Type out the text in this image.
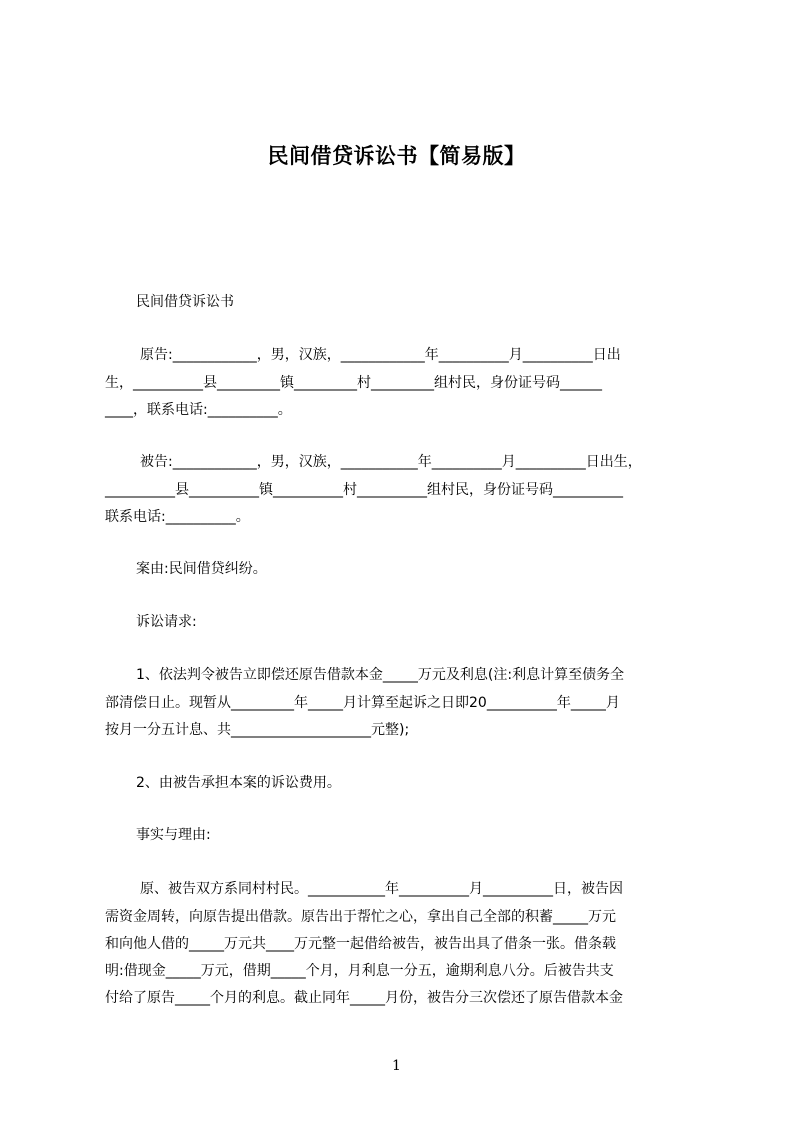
民间借贷诉讼书【简易版】
民间借贷诉讼书
原告:____________，男，汉族，____________年__________月__________日出
生，__________县_________镇_________村_________组村民，身份证号码______
____，联系电话:__________。
被告:____________，男，汉族，___________年__________月__________日出生，
__________县__________镇__________村__________组村民，身份证号码__________
联系电话:__________。
案由:民间借贷纠纷。
诉讼请求:
1、依法判令被告立即偿还原告借款本金_____万元及利息(注:利息计算至债务全
部清偿日止。现暂从_________年_____月计算至起诉之日即20__________年_____月
按月一分五计息、共____________________元整);
2、由被告承担本案的诉讼费用。
事实与理由:
原、被告双方系同村村民。___________年__________月__________日，被告因
需资金周转，向原告提出借款。原告出于帮忙之心，拿出自己全部的积蓄_____万元
和向他人借的_____万元共____万元整一起借给被告，被告出具了借条一张。借条载
明:借现金_____万元，借期_____个月，月利息一分五，逾期利息八分。后被告共支
付给了原告_____个月的利息。截止同年_____月份，被告分三次偿还了原告借款本金
1
